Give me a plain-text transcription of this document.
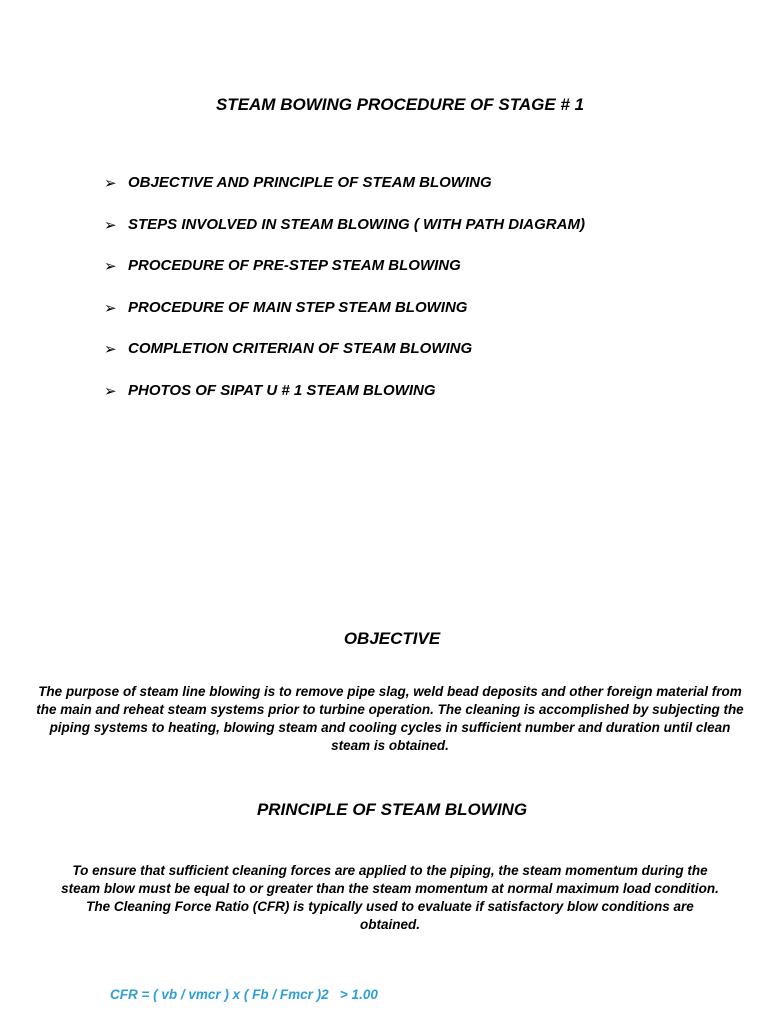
STEAM BOWING PROCEDURE OF STAGE # 1
➢ OBJECTIVE AND PRINCIPLE OF STEAM BLOWING
➢ STEPS INVOLVED IN STEAM BLOWING ( WITH PATH DIAGRAM)
➢ PROCEDURE OF PRE-STEP STEAM BLOWING
➢ PROCEDURE OF MAIN STEP STEAM BLOWING
➢ COMPLETION CRITERIAN OF STEAM BLOWING
➢ PHOTOS OF SIPAT U # 1 STEAM BLOWING
OBJECTIVE
The purpose of steam line blowing is to remove pipe slag, weld bead deposits and other foreign material from the main and reheat steam systems prior to turbine operation. The cleaning is accomplished by subjecting the piping systems to heating, blowing steam and cooling cycles in sufficient number and duration until clean steam is obtained.
PRINCIPLE OF STEAM BLOWING
To ensure that sufficient cleaning forces are applied to the piping, the steam momentum during the steam blow must be equal to or greater than the steam momentum at normal maximum load condition. The Cleaning Force Ratio (CFR) is typically used to evaluate if satisfactory blow conditions are obtained.
CFR = ( vb / vmcr ) x ( Fb / Fmcr )2   > 1.00
